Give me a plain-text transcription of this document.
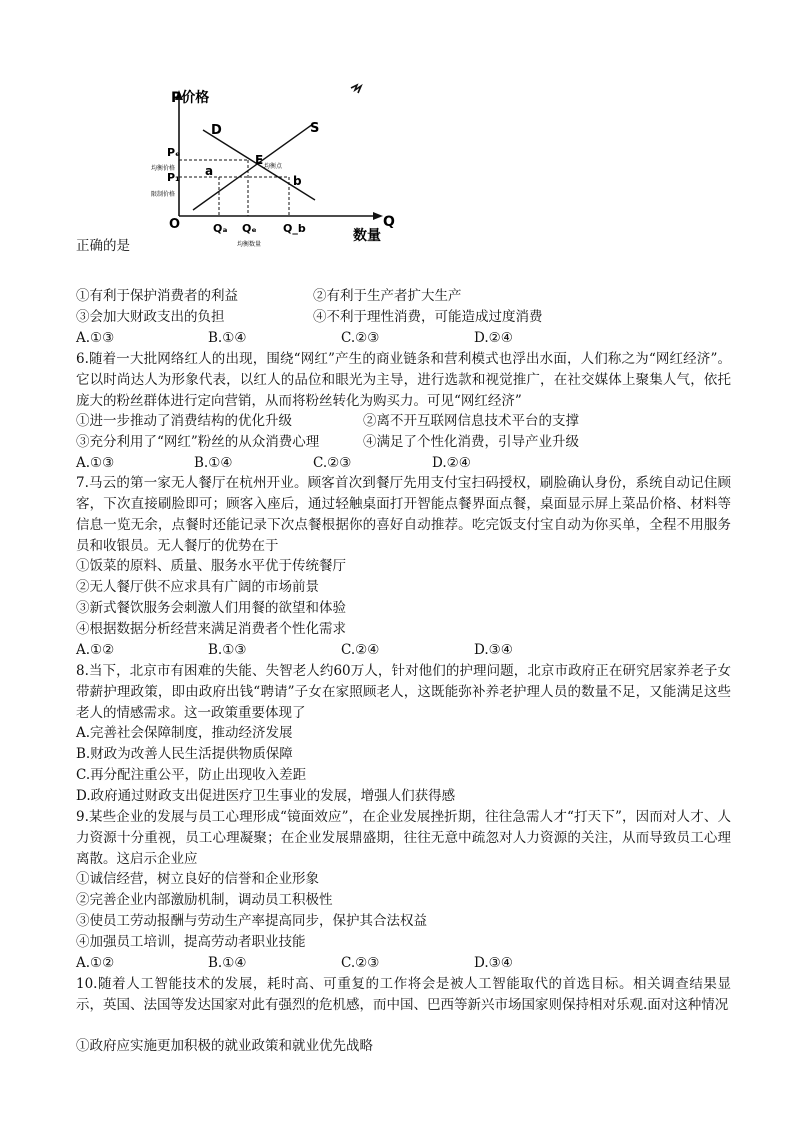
P价格
Q
数量
O
D	S
Pₑ
均衡价格
P₁
限制价格
E 均衡点
a
b
Qₐ Qₑ Q_b
均衡数量
正确的是
①有利于保护消费者的利益	②有利于生产者扩大生产
③会加大财政支出的负担	④不利于理性消费，可能造成过度消费
A.①③	B.①④	C.②③	D.②④
6.随着一大批网络红人的出现，围绕“网红”产生的商业链条和营利模式也浮出水面，人们称之为“网红经济”。它以时尚达人为形象代表，以红人的品位和眼光为主导，进行选款和视觉推广，在社交媒体上聚集人气，依托庞大的粉丝群体进行定向营销，从而将粉丝转化为购买力。可见“网红经济”
①进一步推动了消费结构的优化升级	②离不开互联网信息技术平台的支撑
③充分利用了“网红”粉丝的从众消费心理	④满足了个性化消费，引导产业升级
A.①③	B.①④	C.②③	D.②④
7.马云的第一家无人餐厅在杭州开业。顾客首次到餐厅先用支付宝扫码授权，刷脸确认身份，系统自动记住顾客，下次直接刷脸即可；顾客入座后，通过轻触桌面打开智能点餐界面点餐，桌面显示屏上菜品价格、材料等信息一览无余，点餐时还能记录下次点餐根据你的喜好自动推荐。吃完饭支付宝自动为你买单，全程不用服务员和收银员。无人餐厅的优势在于
①饭菜的原料、质量、服务水平优于传统餐厅
②无人餐厅供不应求具有广阔的市场前景
③新式餐饮服务会刺激人们用餐的欲望和体验
④根据数据分析经营来满足消费者个性化需求
A.①②	B.①③	C.②④	D.③④
8.当下，北京市有困难的失能、失智老人约60万人，针对他们的护理问题，北京市政府正在研究居家养老子女带薪护理政策，即由政府出钱“聘请”子女在家照顾老人，这既能弥补养老护理人员的数量不足，又能满足这些老人的情感需求。这一政策重要体现了
A.完善社会保障制度，推动经济发展
B.财政为改善人民生活提供物质保障
C.再分配注重公平，防止出现收入差距
D.政府通过财政支出促进医疗卫生事业的发展，增强人们获得感
9.某些企业的发展与员工心理形成“镜面效应”，在企业发展挫折期，往往急需人才“打天下”，因而对人才、人力资源十分重视，员工心理凝聚；在企业发展鼎盛期，往往无意中疏忽对人力资源的关注，从而导致员工心理离散。这启示企业应
①诚信经营，树立良好的信誉和企业形象
②完善企业内部激励机制，调动员工积极性
③使员工劳动报酬与劳动生产率提高同步，保护其合法权益
④加强员工培训，提高劳动者职业技能
A.①②	B.①④	C.②③	D.③④
10.随着人工智能技术的发展，耗时高、可重复的工作将会是被人工智能取代的首选目标。相关调查结果显示，英国、法国等发达国家对此有强烈的危机感，而中国、巴西等新兴市场国家则保持相对乐观.面对这种情况
①政府应实施更加积极的就业政策和就业优先战略
